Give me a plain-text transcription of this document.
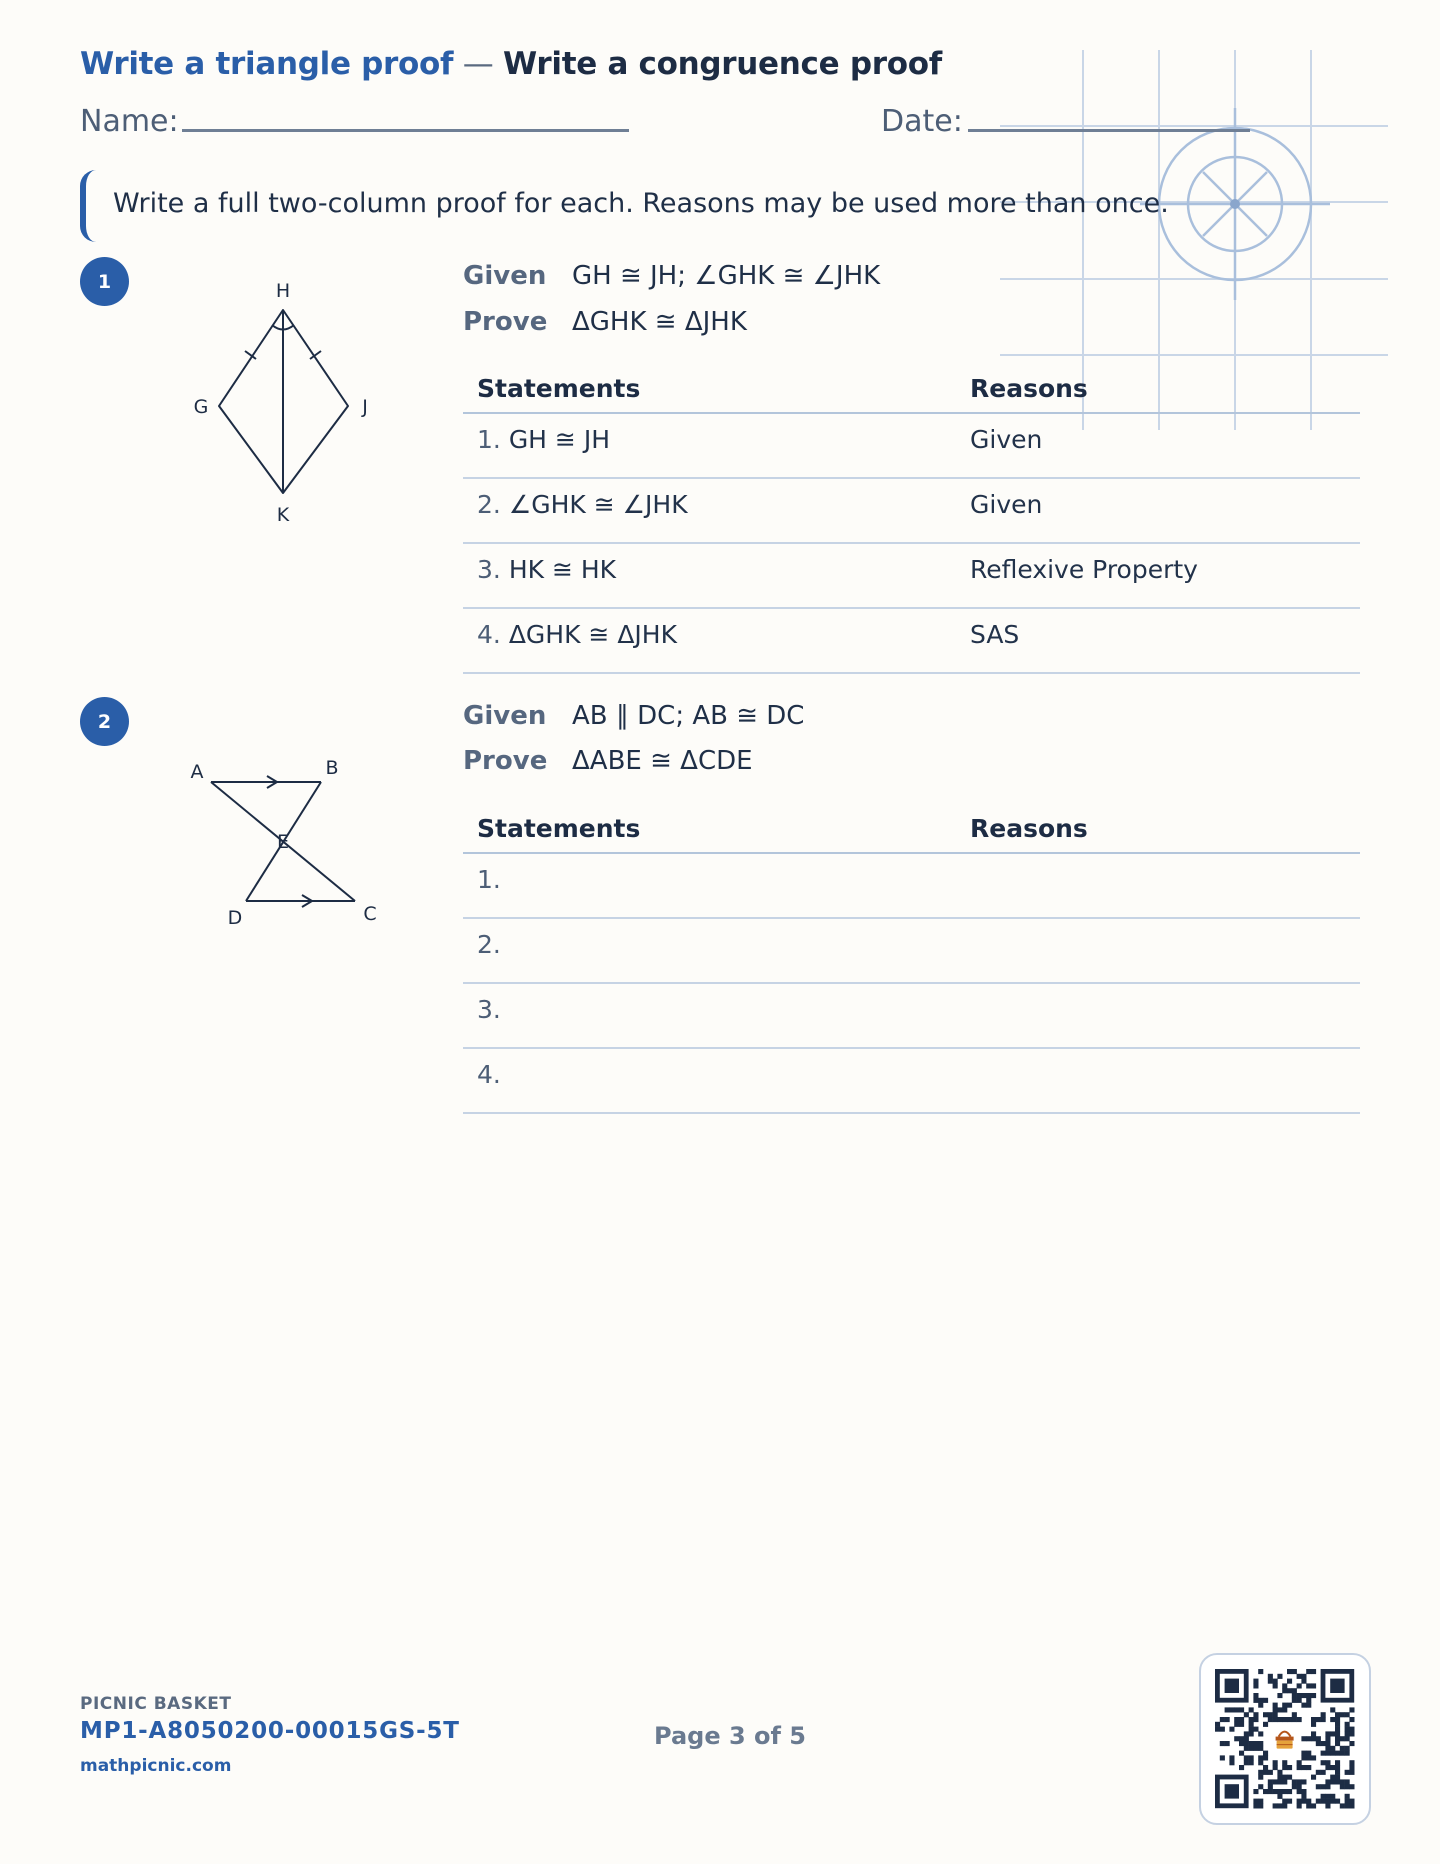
Write a triangle proof — Write a congruence proof
Name:	Date:
Write a full two-column proof for each. Reasons may be used more than once.
1	H
G	J
K
Given GH ≅ JH; ∠GHK ≅ ∠JHK
Prove ΔGHK ≅ ΔJHK
Statements	Reasons
1. GH ≅ JH	Given
2. ∠GHK ≅ ∠JHK	Given
3. HK ≅ HK	Reflexive Property
4. ΔGHK ≅ ΔJHK	SAS
2
A	B
E
D	C
Given AB ∥ DC; AB ≅ DC
Prove ΔABE ≅ ΔCDE
Statements	Reasons
1.
2.
3.
4.
PICNIC BASKET
MP1-A8050200-00015GS-5T
mathpicnic.com
Page 3 of 5
